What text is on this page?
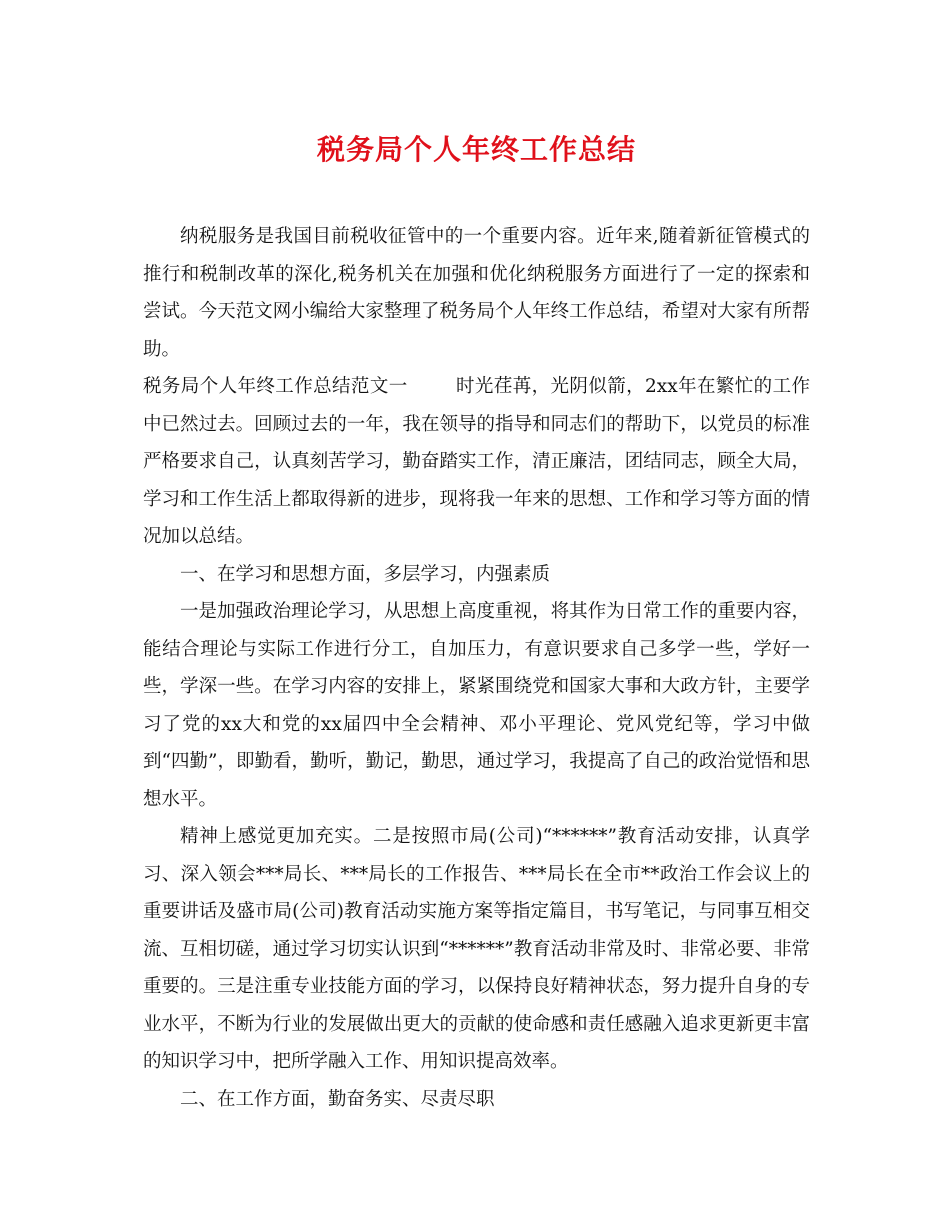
税务局个人年终工作总结

纳税服务是我国目前税收征管中的一个重要内容。近年来,随着新征管模式的推行和税制改革的深化,税务机关在加强和优化纳税服务方面进行了一定的探索和尝试。今天范文网小编给大家整理了税务局个人年终工作总结，希望对大家有所帮助。

税务局个人年终工作总结范文一	时光荏苒，光阴似箭，2xx年在繁忙的工作中已然过去。回顾过去的一年，我在领导的指导和同志们的帮助下，以党员的标准严格要求自己，认真刻苦学习，勤奋踏实工作，清正廉洁，团结同志，顾全大局，学习和工作生活上都取得新的进步，现将我一年来的思想、工作和学习等方面的情况加以总结。

一、在学习和思想方面，多层学习，内强素质

一是加强政治理论学习，从思想上高度重视，将其作为日常工作的重要内容，能结合理论与实际工作进行分工，自加压力，有意识要求自己多学一些，学好一些，学深一些。在学习内容的安排上，紧紧围绕党和国家大事和大政方针，主要学习了党的xx大和党的xx届四中全会精神、邓小平理论、党风党纪等，学习中做到“四勤”，即勤看，勤听，勤记，勤思，通过学习，我提高了自己的政治觉悟和思想水平。

精神上感觉更加充实。二是按照市局(公司)“******”教育活动安排，认真学习、深入领会***局长、***局长的工作报告、***局长在全市**政治工作会议上的重要讲话及盛市局(公司)教育活动实施方案等指定篇目，书写笔记，与同事互相交流、互相切磋，通过学习切实认识到“******”教育活动非常及时、非常必要、非常重要的。三是注重专业技能方面的学习，以保持良好精神状态，努力提升自身的专业水平，不断为行业的发展做出更大的贡献的使命感和责任感融入追求更新更丰富的知识学习中，把所学融入工作、用知识提高效率。

二、在工作方面，勤奋务实、尽责尽职
